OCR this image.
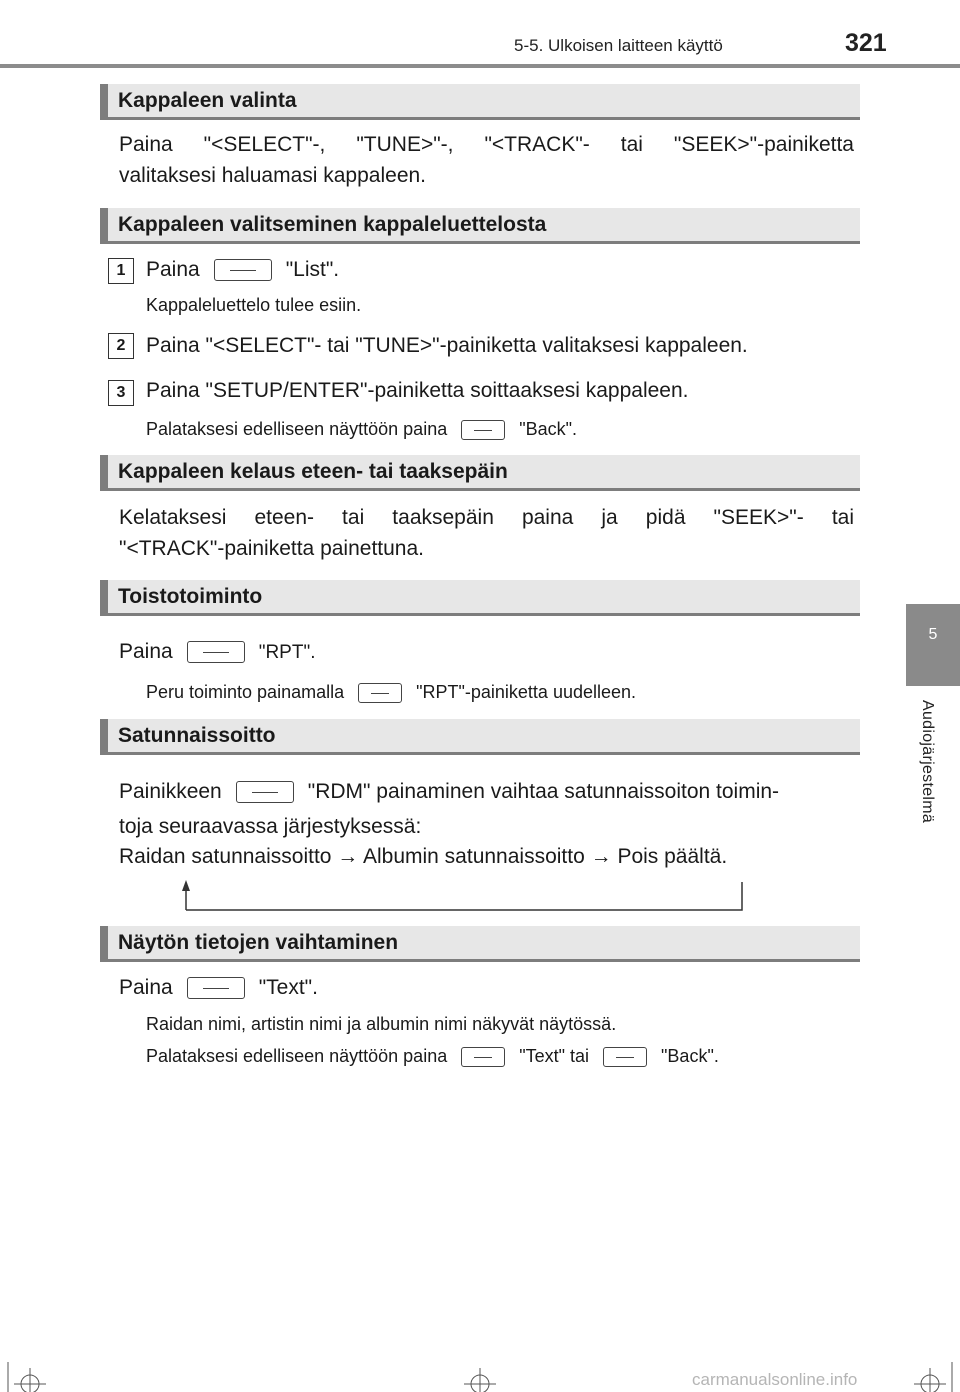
5-5. Ulkoisen laitteen käyttö	321
5
Audiojärjestelmä
Kappaleen valinta
Paina "<SELECT"-, "TUNE>"-, "<TRACK"- tai "SEEK>"-painiketta
valitaksesi haluamasi kappaleen.
Kappaleen valitseminen kappaleluettelosta
1 Paina	"List".
Kappaleluettelo tulee esiin.
2 Paina "<SELECT"- tai "TUNE>"-painiketta valitaksesi kappaleen.
3 Paina "SETUP/ENTER"-painiketta soittaaksesi kappaleen.
Palataksesi edelliseen näyttöön paina	"Back".
Kappaleen kelaus eteen- tai taaksepäin
Kelataksesi eteen- tai taaksepäin paina ja pidä "SEEK>"- tai
"<TRACK"-painiketta painettuna.
Toistotoiminto
Paina	"RPT".
Peru toiminto painamalla	"RPT"-painiketta uudelleen.
Satunnaissoitto
Painikkeen	"RDM" painaminen vaihtaa satunnaissoiton toimin-
toja seuraavassa järjestyksessä:
Raidan satunnaissoitto → Albumin satunnaissoitto → Pois päältä.
Näytön tietojen vaihtaminen
Paina	"Text".
Raidan nimi, artistin nimi ja albumin nimi näkyvät näytössä.
Palataksesi edelliseen näyttöön paina	"Text" tai	"Back".
carmanualsonline.info
